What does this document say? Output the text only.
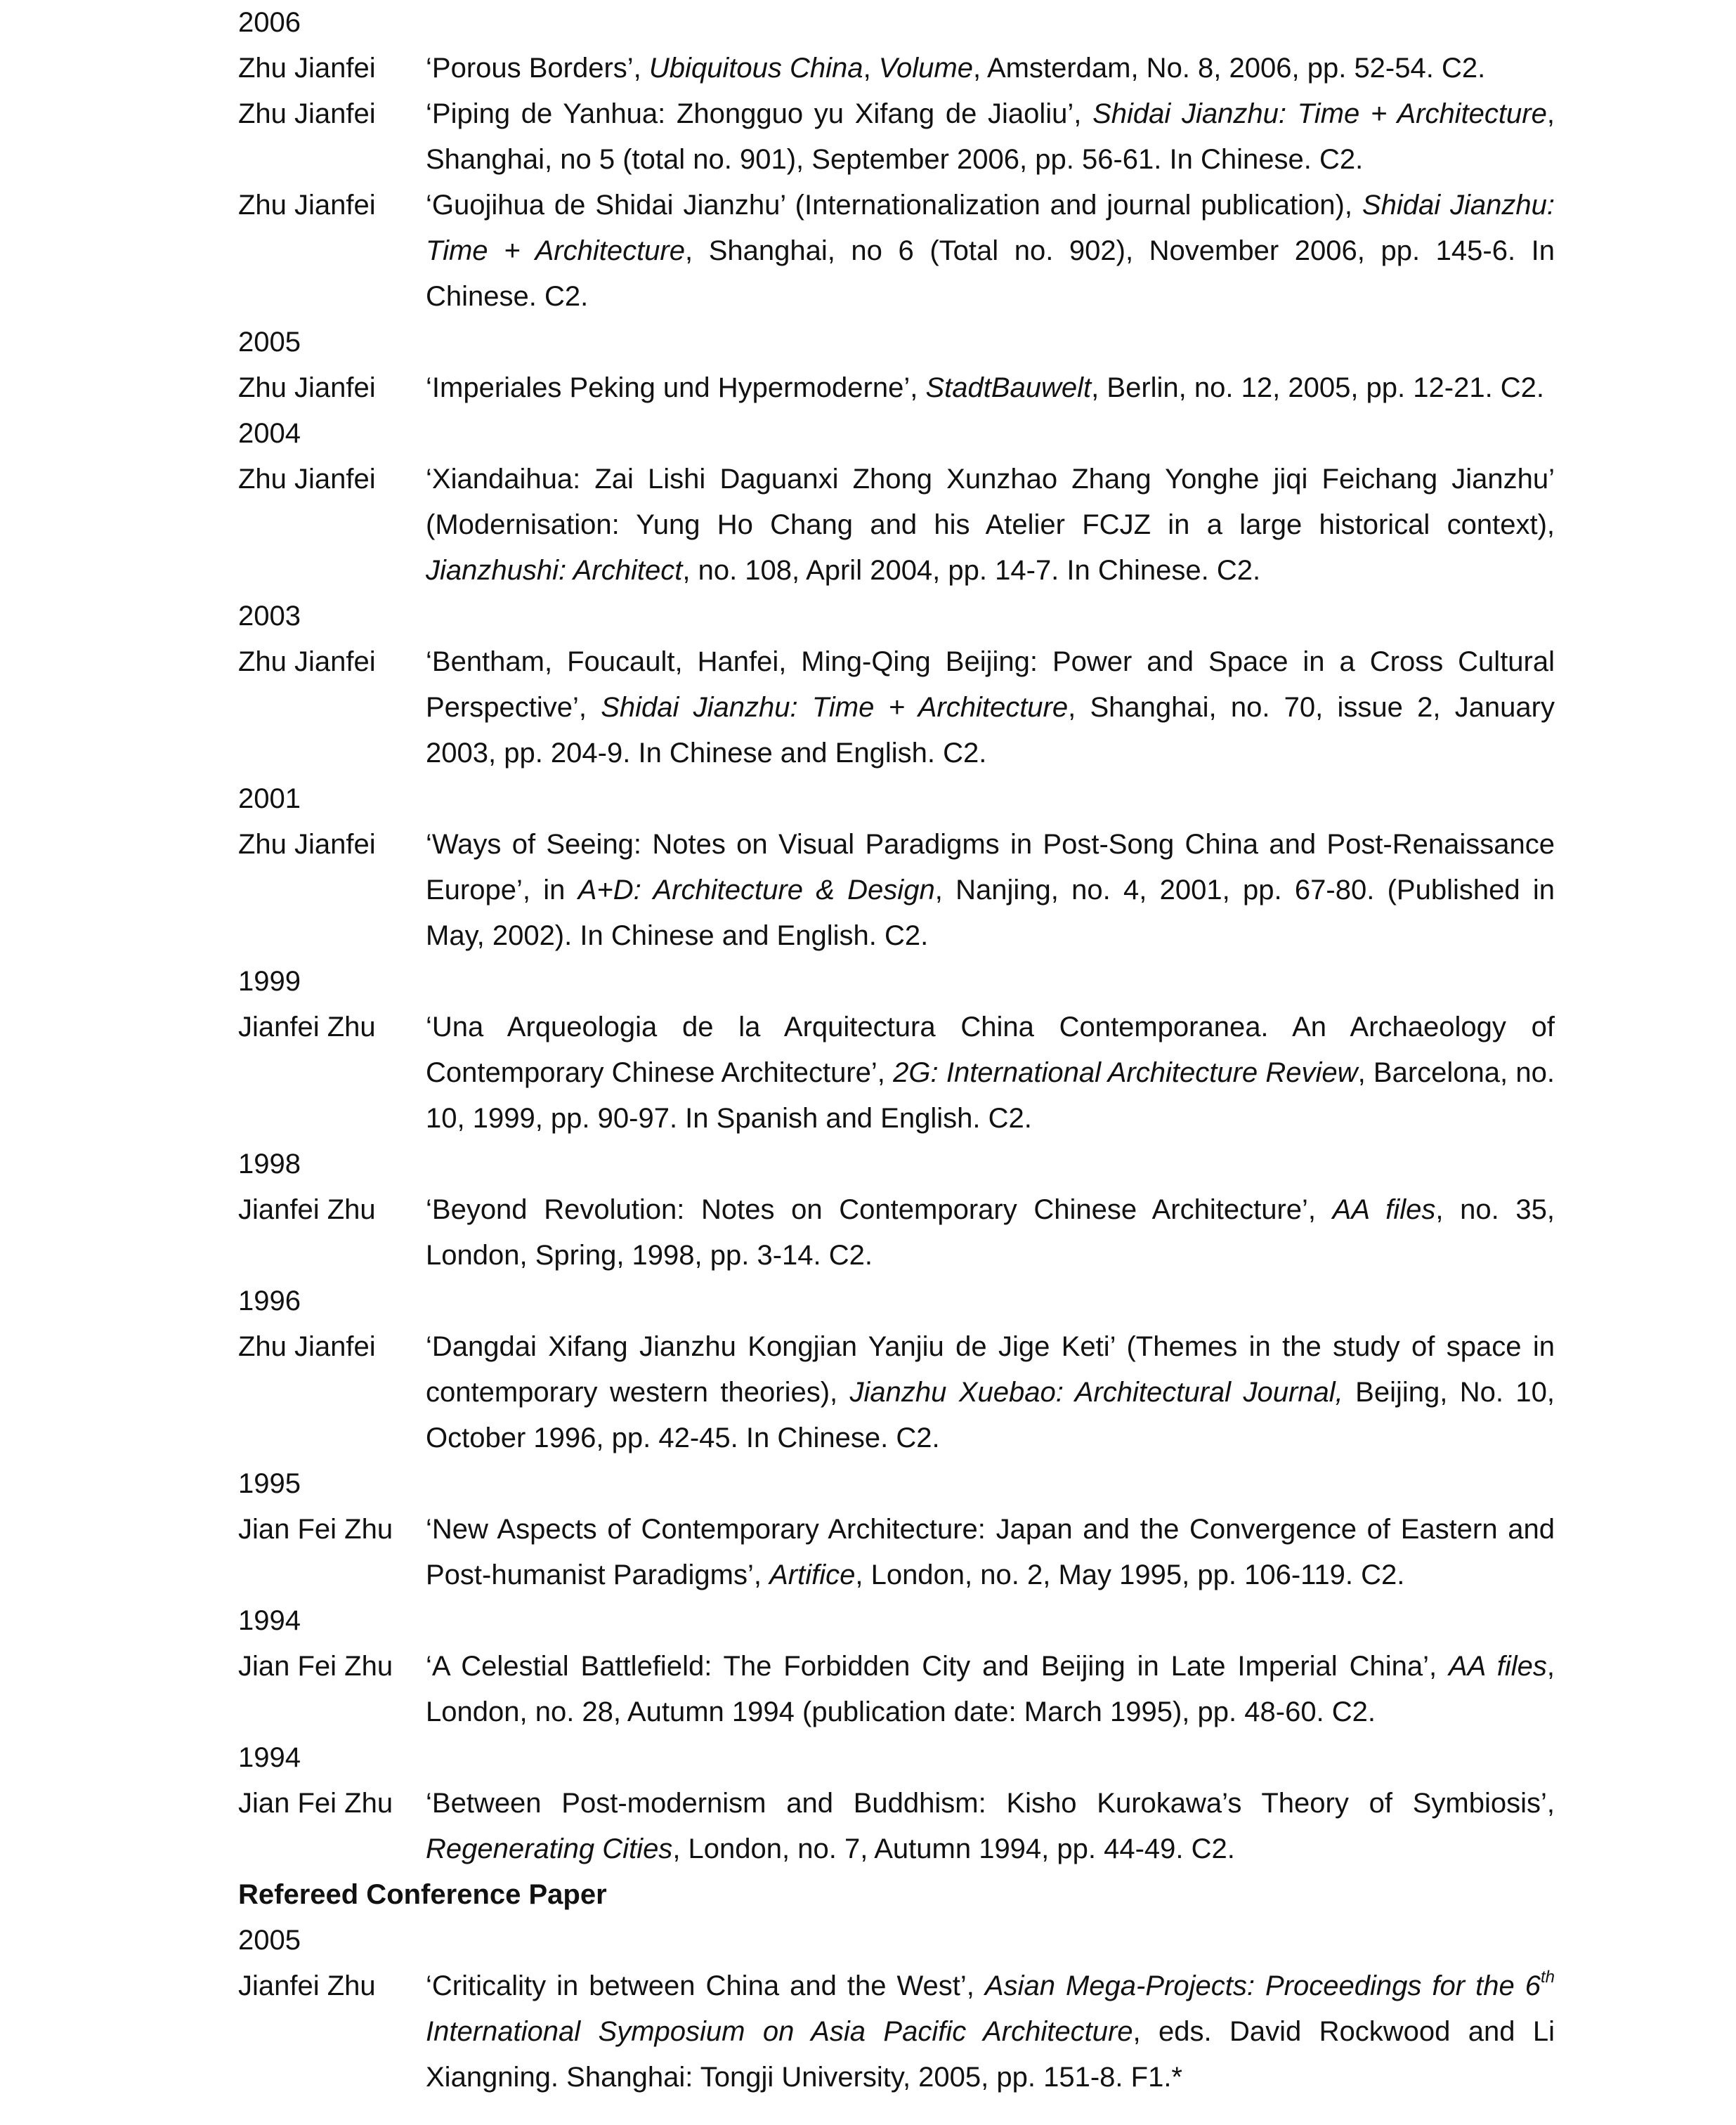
2006
Zhu Jianfei	‘Porous Borders’, Ubiquitous China, Volume, Amsterdam, No. 8, 2006, pp. 52-54. C2.
Zhu Jianfei	‘Piping de Yanhua: Zhongguo yu Xifang de Jiaoliu’, Shidai Jianzhu: Time + Architecture, Shanghai, no 5 (total no. 901), September 2006, pp. 56-61. In Chinese. C2.
Zhu Jianfei	‘Guojihua de Shidai Jianzhu’ (Internationalization and journal publication), Shidai Jianzhu: Time + Architecture, Shanghai, no 6 (Total no. 902), November 2006, pp. 145-6. In Chinese. C2.
2005
Zhu Jianfei	‘Imperiales Peking und Hypermoderne’, StadtBauwelt, Berlin, no. 12, 2005, pp. 12-21. C2.
2004
Zhu Jianfei	‘Xiandaihua: Zai Lishi Daguanxi Zhong Xunzhao Zhang Yonghe jiqi Feichang Jianzhu’ (Modernisation: Yung Ho Chang and his Atelier FCJZ in a large historical context), Jianzhushi: Architect, no. 108, April 2004, pp. 14-7. In Chinese. C2.
2003
Zhu Jianfei	‘Bentham, Foucault, Hanfei, Ming-Qing Beijing: Power and Space in a Cross Cultural Perspective’, Shidai Jianzhu: Time + Architecture, Shanghai, no. 70, issue 2, January 2003, pp. 204-9. In Chinese and English. C2.
2001
Zhu Jianfei	‘Ways of Seeing: Notes on Visual Paradigms in Post-Song China and Post-Renaissance Europe’, in A+D: Architecture & Design, Nanjing, no. 4, 2001, pp. 67-80. (Published in May, 2002). In Chinese and English. C2.
1999
Jianfei Zhu	‘Una Arqueologia de la Arquitectura China Contemporanea. An Archaeology of Contemporary Chinese Architecture’, 2G: International Architecture Review, Barcelona, no. 10, 1999, pp. 90-97. In Spanish and English. C2.
1998
Jianfei Zhu	‘Beyond Revolution: Notes on Contemporary Chinese Architecture’, AA files, no. 35, London, Spring, 1998, pp. 3-14. C2.
1996
Zhu Jianfei	‘Dangdai Xifang Jianzhu Kongjian Yanjiu de Jige Keti’ (Themes in the study of space in contemporary western theories), Jianzhu Xuebao: Architectural Journal, Beijing, No. 10, October 1996, pp. 42-45. In Chinese. C2.
1995
Jian Fei Zhu	‘New Aspects of Contemporary Architecture: Japan and the Convergence of Eastern and Post-humanist Paradigms’, Artifice, London, no. 2, May 1995, pp. 106-119. C2.
1994
Jian Fei Zhu	‘A Celestial Battlefield: The Forbidden City and Beijing in Late Imperial China’, AA files, London, no. 28, Autumn 1994 (publication date: March 1995), pp. 48-60. C2.
1994
Jian Fei Zhu	‘Between Post-modernism and Buddhism: Kisho Kurokawa’s Theory of Symbiosis’, Regenerating Cities, London, no. 7, Autumn 1994, pp. 44-49. C2.
Refereed Conference Paper
2005
Jianfei Zhu	‘Criticality in between China and the West’, Asian Mega-Projects: Proceedings for the 6th International Symposium on Asia Pacific Architecture, eds. David Rockwood and Li Xiangning. Shanghai: Tongji University, 2005, pp. 151-8. F1.*
